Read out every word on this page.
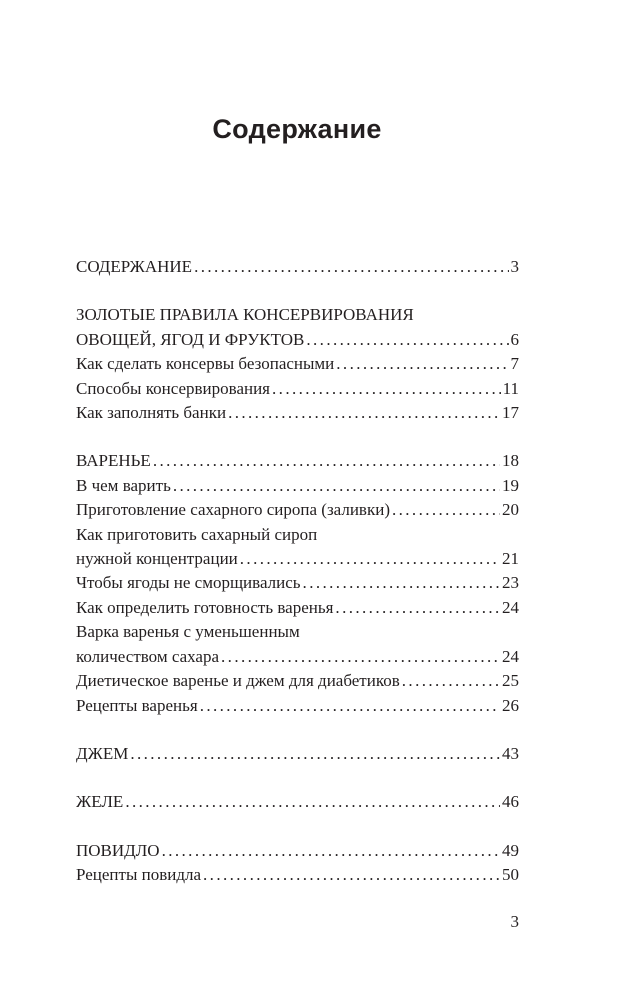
Содержание
СОДЕРЖАНИЕ .....	3
ЗОЛОТЫЕ ПРАВИЛА КОНСЕРВИРОВАНИЯ
ОВОЩЕЙ, ЯГОД И ФРУКТОВ .....	6
Как сделать консервы безопасными .....	7
Способы консервирования .....	11
Как заполнять банки .....	17
ВАРЕНЬЕ .....	18
В чем варить .....	19
Приготовление сахарного сиропа (заливки) .....	20
Как приготовить сахарный сироп
нужной концентрации .....	21
Чтобы ягоды не сморщивались .....	23
Как определить готовность варенья .....	24
Варка варенья с уменьшенным
количеством сахара .....	24
Диетическое варенье и джем для диабетиков .....	25
Рецепты варенья .....	26
ДЖЕМ .....	43
ЖЕЛЕ .....	46
ПОВИДЛО .....	49
Рецепты повидла .....	50
3
